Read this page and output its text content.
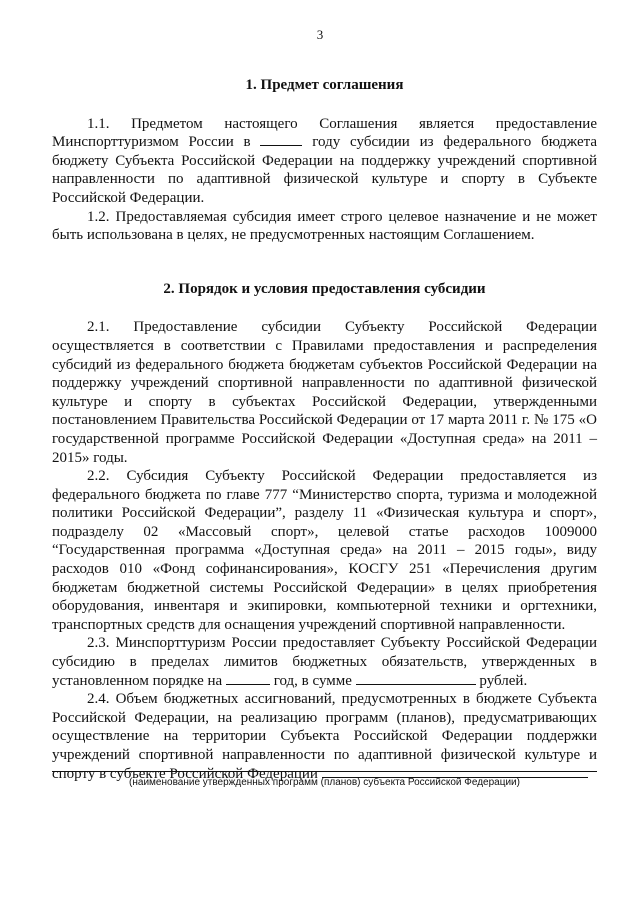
3
1. Предмет соглашения

1.1. Предметом настоящего Соглашения является предоставление Минспорттуризмом России в	году субсидии из федерального бюджета бюджету Субъекта Российской Федерации на поддержку учреждений спортивной направленности по адаптивной физической культуре и спорту в Субъекте Российской Федерации.

1.2. Предоставляемая субсидия имеет строго целевое назначение и не может быть использована в целях, не предусмотренных настоящим Соглашением.

2. Порядок и условия предоставления субсидии

2.1. Предоставление субсидии Субъекту Российской Федерации осуществляется в соответствии с Правилами предоставления и распределения субсидий из федерального бюджета бюджетам субъектов Российской Федерации на поддержку учреждений спортивной направленности по адаптивной физической культуре и спорту в субъектах Российской Федерации, утвержденными постановлением Правительства Российской Федерации от 17 марта 2011 г. № 175 «О государственной программе Российской Федерации «Доступная среда» на 2011 – 2015» годы.

2.2. Субсидия Субъекту Российской Федерации предоставляется из федерального бюджета по главе 777 “Министерство спорта, туризма и молодежной политики Российской Федерации”, разделу 11 «Физическая культура и спорт», подразделу 02 «Массовый спорт», целевой статье расходов 1009000 “Государственная программа «Доступная среда» на 2011 – 2015 годы», виду расходов 010 «Фонд софинансирования», КОСГУ 251 «Перечисления другим бюджетам бюджетной системы Российской Федерации» в целях приобретения оборудования, инвентаря и экипировки, компьютерной техники и оргтехники, транспортных средств для оснащения учреждений спортивной направленности.

2.3. Минспорттуризм России предоставляет Субъекту Российской Федерации субсидию в пределах лимитов бюджетных обязательств, утвержденных в установленном порядке на	год, в сумме	рублей.

2.4. Объем бюджетных ассигнований, предусмотренных в бюджете Субъекта Российской Федерации, на реализацию программ (планов), предусматривающих осуществление на территории Субъекта Российской Федерации поддержки учреждений спортивной направленности по адаптивной физической культуре и спорту в субъекте Российской Федерации

(наименование утвержденных программ (планов) субъекта Российской Федерации)
